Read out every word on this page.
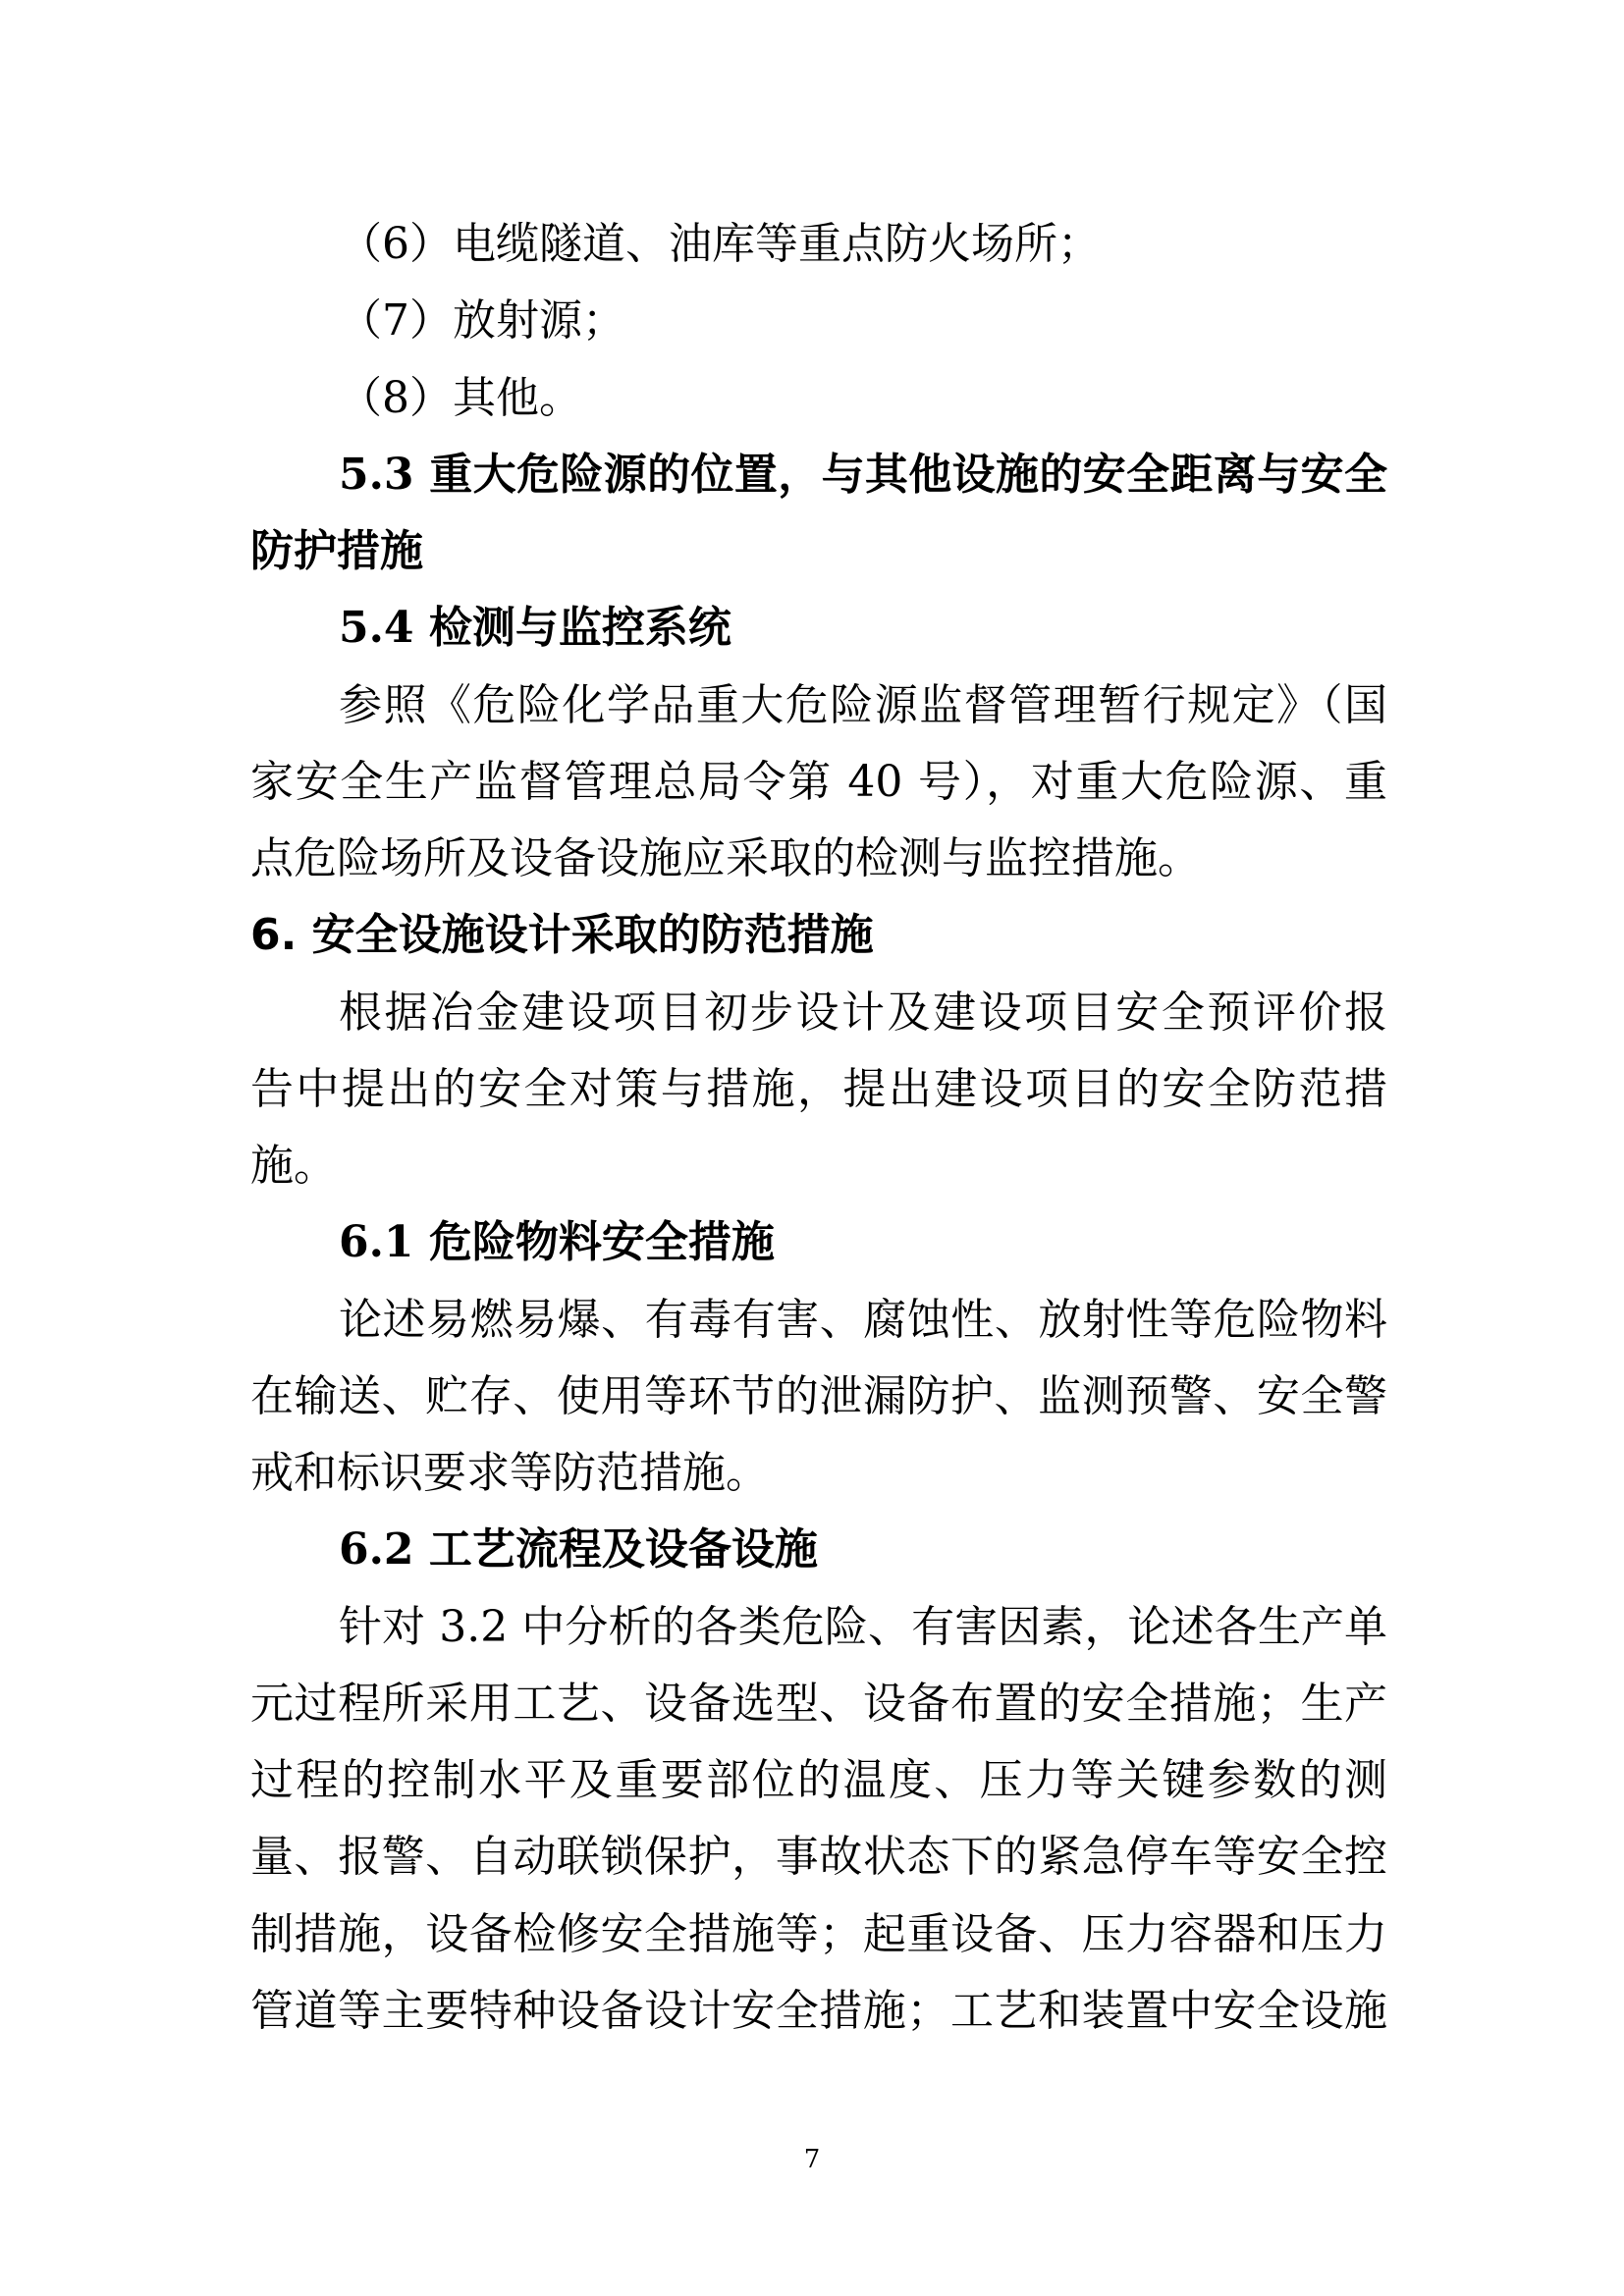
（6）电缆隧道、油库等重点防火场所；
（7）放射源；
（8）其他。
5.3 重大危险源的位置，与其他设施的安全距离与安全
防护措施
5.4 检测与监控系统
参照《危险化学品重大危险源监督管理暂行规定》（国
家安全生产监督管理总局令第 40 号），对重大危险源、重
点危险场所及设备设施应采取的检测与监控措施。
6. 安全设施设计采取的防范措施
根据冶金建设项目初步设计及建设项目安全预评价报
告中提出的安全对策与措施，提出建设项目的安全防范措
施。
6.1 危险物料安全措施
论述易燃易爆、有毒有害、腐蚀性、放射性等危险物料
在输送、贮存、使用等环节的泄漏防护、监测预警、安全警
戒和标识要求等防范措施。
6.2 工艺流程及设备设施
针对 3.2 中分析的各类危险、有害因素，论述各生产单
元过程所采用工艺、设备选型、设备布置的安全措施；生产
过程的控制水平及重要部位的温度、压力等关键参数的测
量、报警、自动联锁保护，事故状态下的紧急停车等安全控
制措施，设备检修安全措施等；起重设备、压力容器和压力
管道等主要特种设备设计安全措施；工艺和装置中安全设施
7
